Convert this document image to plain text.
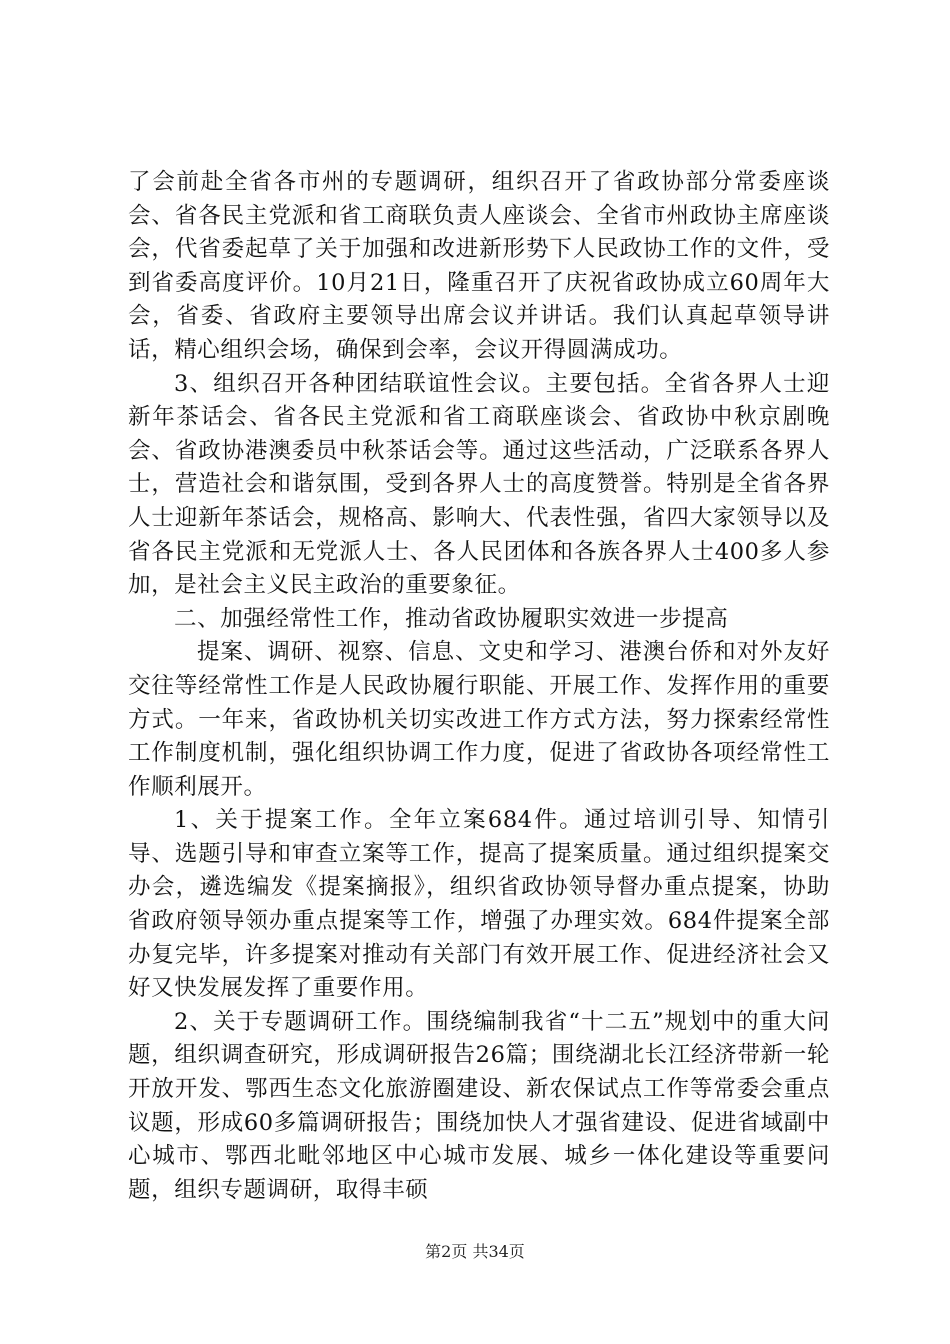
了会前赴全省各市州的专题调研，组织召开了省政协部分常委座谈会、省各民主党派和省工商联负责人座谈会、全省市州政协主席座谈会，代省委起草了关于加强和改进新形势下人民政协工作的文件，受到省委高度评价。10月21日，隆重召开了庆祝省政协成立60周年大会，省委、省政府主要领导出席会议并讲话。我们认真起草领导讲话，精心组织会场，确保到会率，会议开得圆满成功。

3、组织召开各种团结联谊性会议。主要包括。全省各界人士迎新年茶话会、省各民主党派和省工商联座谈会、省政协中秋京剧晚会、省政协港澳委员中秋茶话会等。通过这些活动，广泛联系各界人士，营造社会和谐氛围，受到各界人士的高度赞誉。特别是全省各界人士迎新年茶话会，规格高、影响大、代表性强，省四大家领导以及省各民主党派和无党派人士、各人民团体和各族各界人士400多人参加，是社会主义民主政治的重要象征。

二、加强经常性工作，推动省政协履职实效进一步提高

提案、调研、视察、信息、文史和学习、港澳台侨和对外友好交往等经常性工作是人民政协履行职能、开展工作、发挥作用的重要方式。一年来，省政协机关切实改进工作方式方法，努力探索经常性工作制度机制，强化组织协调工作力度，促进了省政协各项经常性工作顺利展开。

1、关于提案工作。全年立案684件。通过培训引导、知情引导、选题引导和审查立案等工作，提高了提案质量。通过组织提案交办会，遴选编发《提案摘报》，组织省政协领导督办重点提案，协助省政府领导领办重点提案等工作，增强了办理实效。684件提案全部办复完毕，许多提案对推动有关部门有效开展工作、促进经济社会又好又快发展发挥了重要作用。

2、关于专题调研工作。围绕编制我省“十二五”规划中的重大问题，组织调查研究，形成调研报告26篇；围绕湖北长江经济带新一轮开放开发、鄂西生态文化旅游圈建设、新农保试点工作等常委会重点议题，形成60多篇调研报告；围绕加快人才强省建设、促进省域副中心城市、鄂西北毗邻地区中心城市发展、城乡一体化建设等重要问题，组织专题调研，取得丰硕

第2页 共34页
